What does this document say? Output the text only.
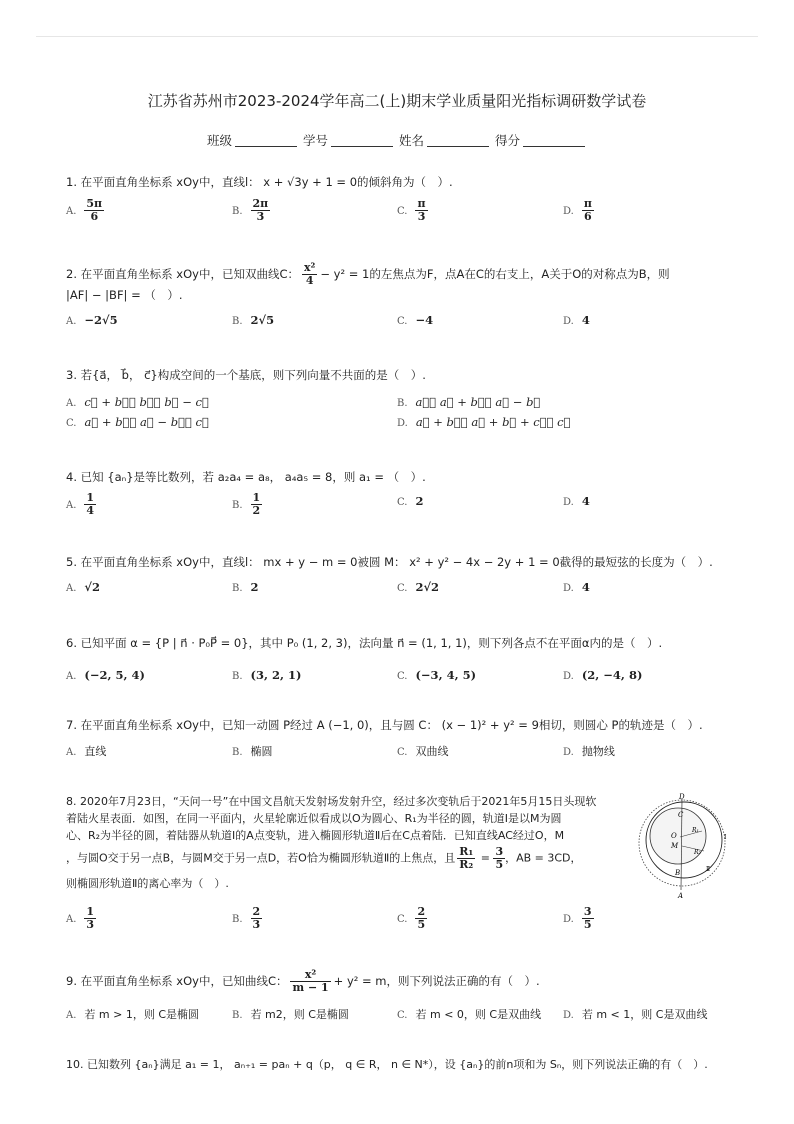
江苏省苏州市2023-2024学年高二(上)期末学业质量阳光指标调研数学试卷
班级	学号	姓名	得分
1. 在平面直角坐标系 xOy中，直线l： x + √3y + 1 = 0的倾斜角为（　）.
A. $\frac{5\pi}{6}$	B. $\frac{2\pi}{3}$	C. $\frac{\pi}{3}$	D. $\frac{\pi}{6}$
2. 在平面直角坐标系 xOy中，已知双曲线C： $\frac{\text{x²}}{4} - y^2 = 1$的左焦点为F，点A在C的右支上，A关于O的对称点为B，则
|AF| − |BF| = （　）.
A. −2√5	B. 2√5	C. −4	D. 4
3. 若{a⃗， b⃗， c⃗}构成空间的一个基底，则下列向量不共面的是（　）.
A. c⃗ + b⃗， b⃗， b⃗ − c⃗	B. a⃗， a⃗ + b⃗， a⃗ − b⃗
C. a⃗ + b⃗， a⃗ − b⃗， c⃗	D. a⃗ + b⃗， a⃗ + b⃗ + c⃗， c⃗
4. 已知 {aₙ}是等比数列，若 a₂a₄ = a₈， a₄a₅ = 8，则 a₁ = （　）.
A. $\frac{1}{4}$	B. $\frac{1}{2}$	C. 2	D. 4
5. 在平面直角坐标系 xOy中，直线l： mx + y − m = 0被圆 M： x² + y² − 4x − 2y + 1 = 0截得的最短弦的长度为（　）.
A. √2	B. 2	C. 2√2	D. 4
6. 已知平面 α = {P | n⃗ · P₀P⃗ = 0}，其中 P₀ (1, 2, 3)，法向量 n⃗ = (1, 1, 1)，则下列各点不在平面α内的是（　）.
A. (−2, 5, 4)	B. (3, 2, 1)	C. (−3, 4, 5)	D. (2, −4, 8)
7. 在平面直角坐标系 xOy中，已知一动圆 P经过 A (−1, 0)，且与圆 C： (x − 1)² + y² = 9相切，则圆心 P的轨迹是（　）.
A. 直线	B. 椭圆	C. 双曲线	D. 抛物线
8. 2020年7月23日，“天问一号”在中国文昌航天发射场发射升空，经过多次变轨后于2021年5月15日头现软
着陆火星表面．如图，在同一平面内，火星轮廓近似看成以O为圆心、R₁为半径的圆，轨道Ⅰ是以M为圆
心、R₂为半径的圆，着陆器从轨道Ⅰ的A点变轨，进入椭圆形轨道Ⅱ后在C点着陆．已知直线AC经过O，M
，与圆O交于另一点B，与圆M交于另一点D，若O恰为椭圆形轨道Ⅱ的上焦点，且 $\frac{\text{R₁}}{\text{R₂}} = \frac{3}{5}$ ，AB = 3CD，
则椭圆形轨道Ⅱ的离心率为（　）.
D
O
R₁
M
R₂
C
B
A
Ⅰ
Ⅱ
A. $\frac{1}{3}$	B. $\frac{2}{3}$	C. $\frac{2}{5}$	D. $\frac{3}{5}$
9. 在平面直角坐标系 xOy中，已知曲线C： $\frac{\text{x²}}{m - 1} + y^2 = m$，则下列说法正确的有（　）.
A. 若 m > 1，则 C是椭圆	B. 若 m2，则 C是椭圆	C. 若 m < 0，则 C是双曲线 D. 若 m < 1，则 C是双曲线
10. 已知数列 {aₙ}满足 a₁ = 1， aₙ₊₁ = paₙ + q（p， q ∈ R， n ∈ N*），设 {aₙ}的前n项和为 Sₙ，则下列说法正确的有（　）.
